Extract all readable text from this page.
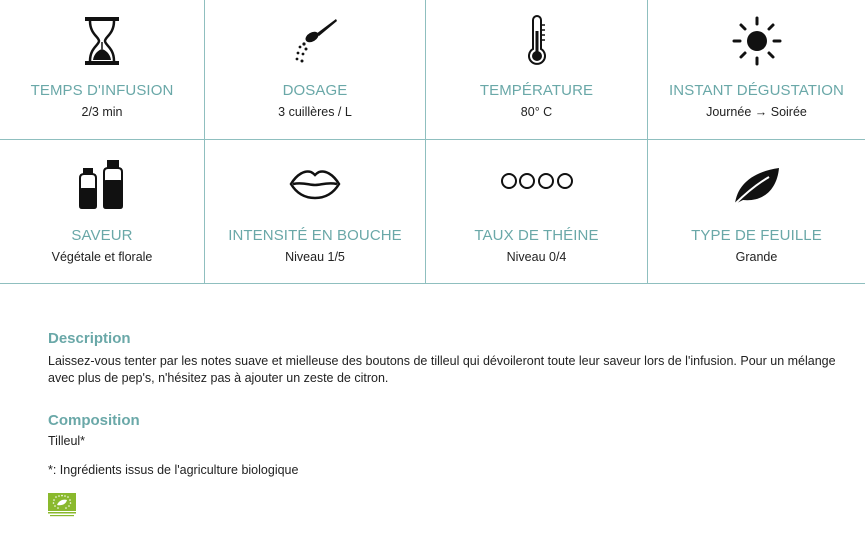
TEMPS D'INFUSION
2/3 min
DOSAGE
3 cuillères / L
TEMPÉRATURE
80° C
INSTANT DÉGUSTATION
Journée → Soirée
SAVEUR
Végétale et florale
INTENSITÉ EN BOUCHE
Niveau 1/5
TAUX DE THÉINE
Niveau 0/4
TYPE DE FEUILLE
Grande
Description

Laissez-vous tenter par les notes suave et mielleuse des boutons de tilleul qui dévoileront toute leur saveur lors de l'infusion. Pour un mélange avec plus de pep's, n'hésitez pas à ajouter un zeste de citron.

Composition

Tilleul*

*: Ingrédients issus de l'agriculture biologique
